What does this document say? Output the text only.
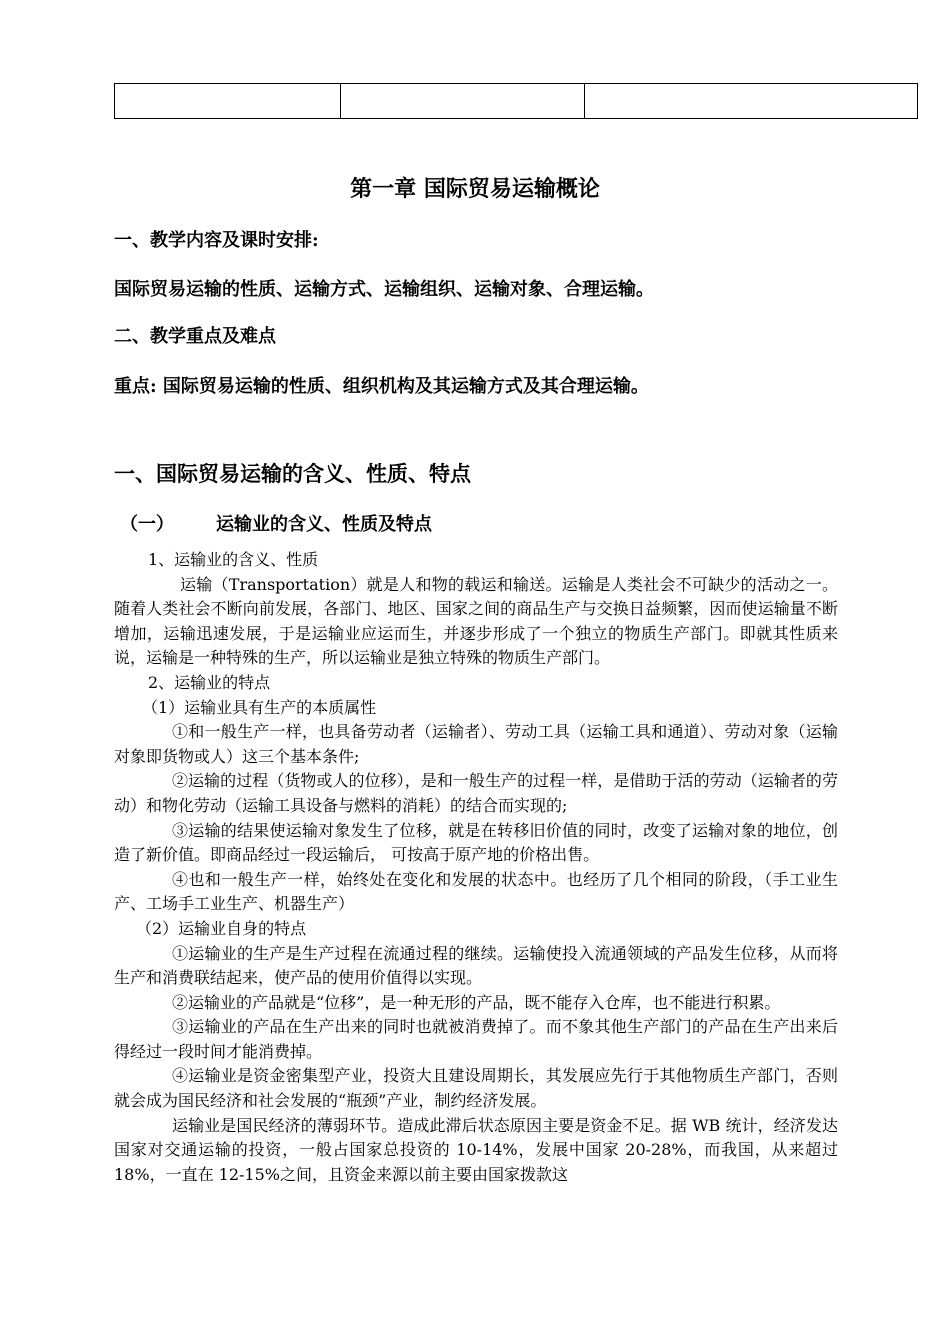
第一章 国际贸易运输概论

一、教学内容及课时安排:

国际贸易运输的性质、运输方式、运输组织、运输对象、合理运输。

二、教学重点及难点

重点: 国际贸易运输的性质、组织机构及其运输方式及其合理运输。

一、国际贸易运输的含义、性质、特点
（一） 运输业的含义、性质及特点

1、运输业的含义、性质

运输（Transportation）就是人和物的载运和输送。运输是人类社会不可缺少的活动之一。随着人类社会不断向前发展，各部门、地区、国家之间的商品生产与交换日益频繁，因而使运输量不断增加，运输迅速发展，于是运输业应运而生，并逐步形成了一个独立的物质生产部门。即就其性质来说，运输是一种特殊的生产，所以运输业是独立特殊的物质生产部门。

2、运输业的特点

（1）运输业具有生产的本质属性

①和一般生产一样，也具备劳动者（运输者）、劳动工具（运输工具和通道）、劳动对象（运输对象即货物或人）这三个基本条件;

②运输的过程（货物或人的位移），是和一般生产的过程一样，是借助于活的劳动（运输者的劳动）和物化劳动（运输工具设备与燃料的消耗）的结合而实现的;

③运输的结果使运输对象发生了位移，就是在转移旧价值的同时，改变了运输对象的地位，创造了新价值。即商品经过一段运输后， 可按高于原产地的价格出售。

④也和一般生产一样，始终处在变化和发展的状态中。也经历了几个相同的阶段，（手工业生产、工场手工业生产、机器生产）

（2）运输业自身的特点

①运输业的生产是生产过程在流通过程的继续。运输使投入流通领域的产品发生位移，从而将生产和消费联结起来，使产品的使用价值得以实现。

②运输业的产品就是“位移”，是一种无形的产品，既不能存入仓库，也不能进行积累。

③运输业的产品在生产出来的同时也就被消费掉了。而不象其他生产部门的产品在生产出来后得经过一段时间才能消费掉。

④运输业是资金密集型产业，投资大且建设周期长，其发展应先行于其他物质生产部门，否则就会成为国民经济和社会发展的“瓶颈”产业，制约经济发展。

运输业是国民经济的薄弱环节。造成此滞后状态原因主要是资金不足。据 WB 统计，经济发达国家对交通运输的投资，一般占国家总投资的 10-14%，发展中国家 20-28%，而我国，从来超过 18%，一直在 12-15%之间，且资金来源以前主要由国家拨款这
